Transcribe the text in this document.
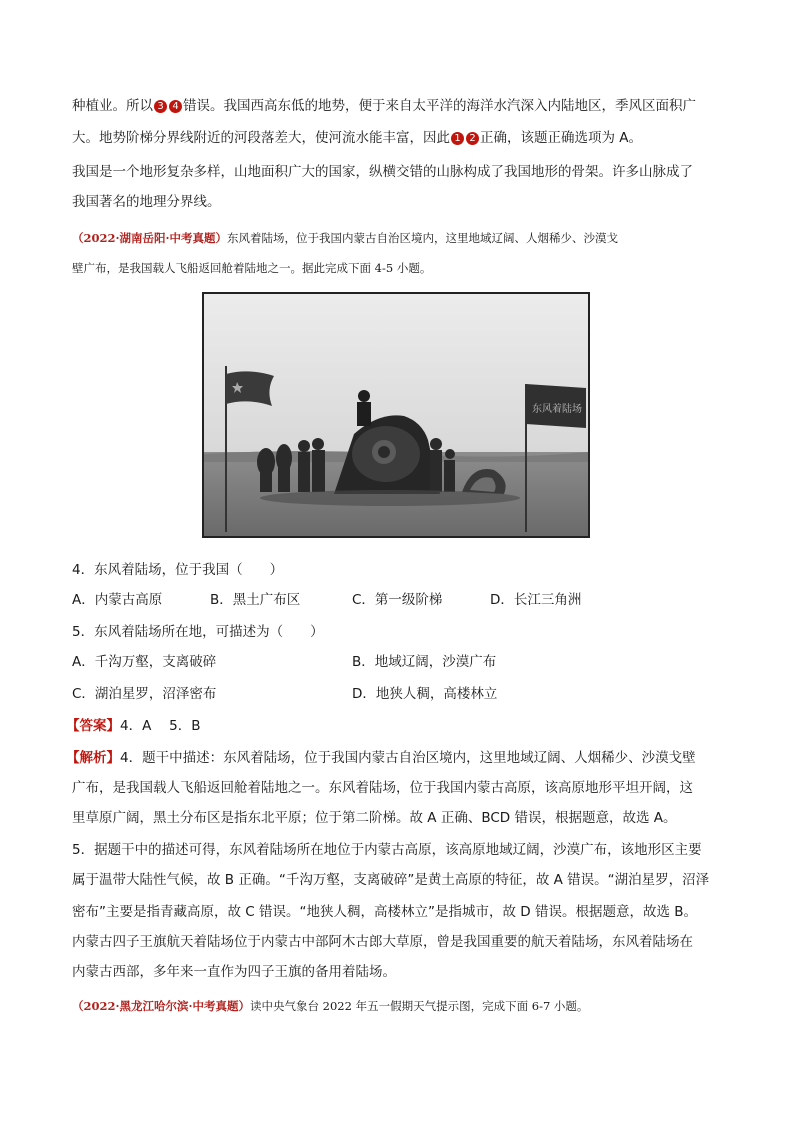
种植业。所以 3 4 错误。我国西高东低的地势，便于来自太平洋的海洋水汽深入内陆地区，季风区面积广
大。地势阶梯分界线附近的河段落差大，使河流水能丰富，因此 1 2 正确，该题正确选项为 A。
我国是一个地形复杂多样，山地面积广大的国家，纵横交错的山脉构成了我国地形的骨架。许多山脉成了
我国著名的地理分界线。
（2022·湖南岳阳·中考真题）东风着陆场，位于我国内蒙古自治区境内，这里地域辽阔、人烟稀少、沙漠戈
壁广布，是我国载人飞船返回舱着陆地之一。据此完成下面 4-5 小题。
东风着陆场
4．东风着陆场，位于我国（　　）
A．内蒙古高原	B．黑土广布区	C．第一级阶梯	D．长江三角洲
5．东风着陆场所在地，可描述为（　　）
A．千沟万壑，支离破碎	B．地域辽阔，沙漠广布
C．湖泊星罗，沼泽密布	D．地狭人稠，高楼林立
【答案】4．A　 5．B
【解析】4．题干中描述：东风着陆场，位于我国内蒙古自治区境内，这里地域辽阔、人烟稀少、沙漠戈壁
广布，是我国载人飞船返回舱着陆地之一。东风着陆场，位于我国内蒙古高原，该高原地形平坦开阔，这
里草原广阔，黑土分布区是指东北平原；位于第二阶梯。故 A 正确、BCD 错误，根据题意，故选 A。
5．据题干中的描述可得，东风着陆场所在地位于内蒙古高原，该高原地域辽阔，沙漠广布，该地形区主要
属于温带大陆性气候，故 B 正确。“千沟万壑，支离破碎”是黄土高原的特征，故 A 错误。“湖泊星罗，沼泽
密布”主要是指青藏高原，故 C 错误。“地狭人稠，高楼林立”是指城市，故 D 错误。根据题意，故选 B。
内蒙古四子王旗航天着陆场位于内蒙古中部阿木古郎大草原，曾是我国重要的航天着陆场，东风着陆场在
内蒙古西部，多年来一直作为四子王旗的备用着陆场。
（2022·黑龙江哈尔滨·中考真题）读中央气象台 2022 年五一假期天气提示图，完成下面 6-7 小题。
